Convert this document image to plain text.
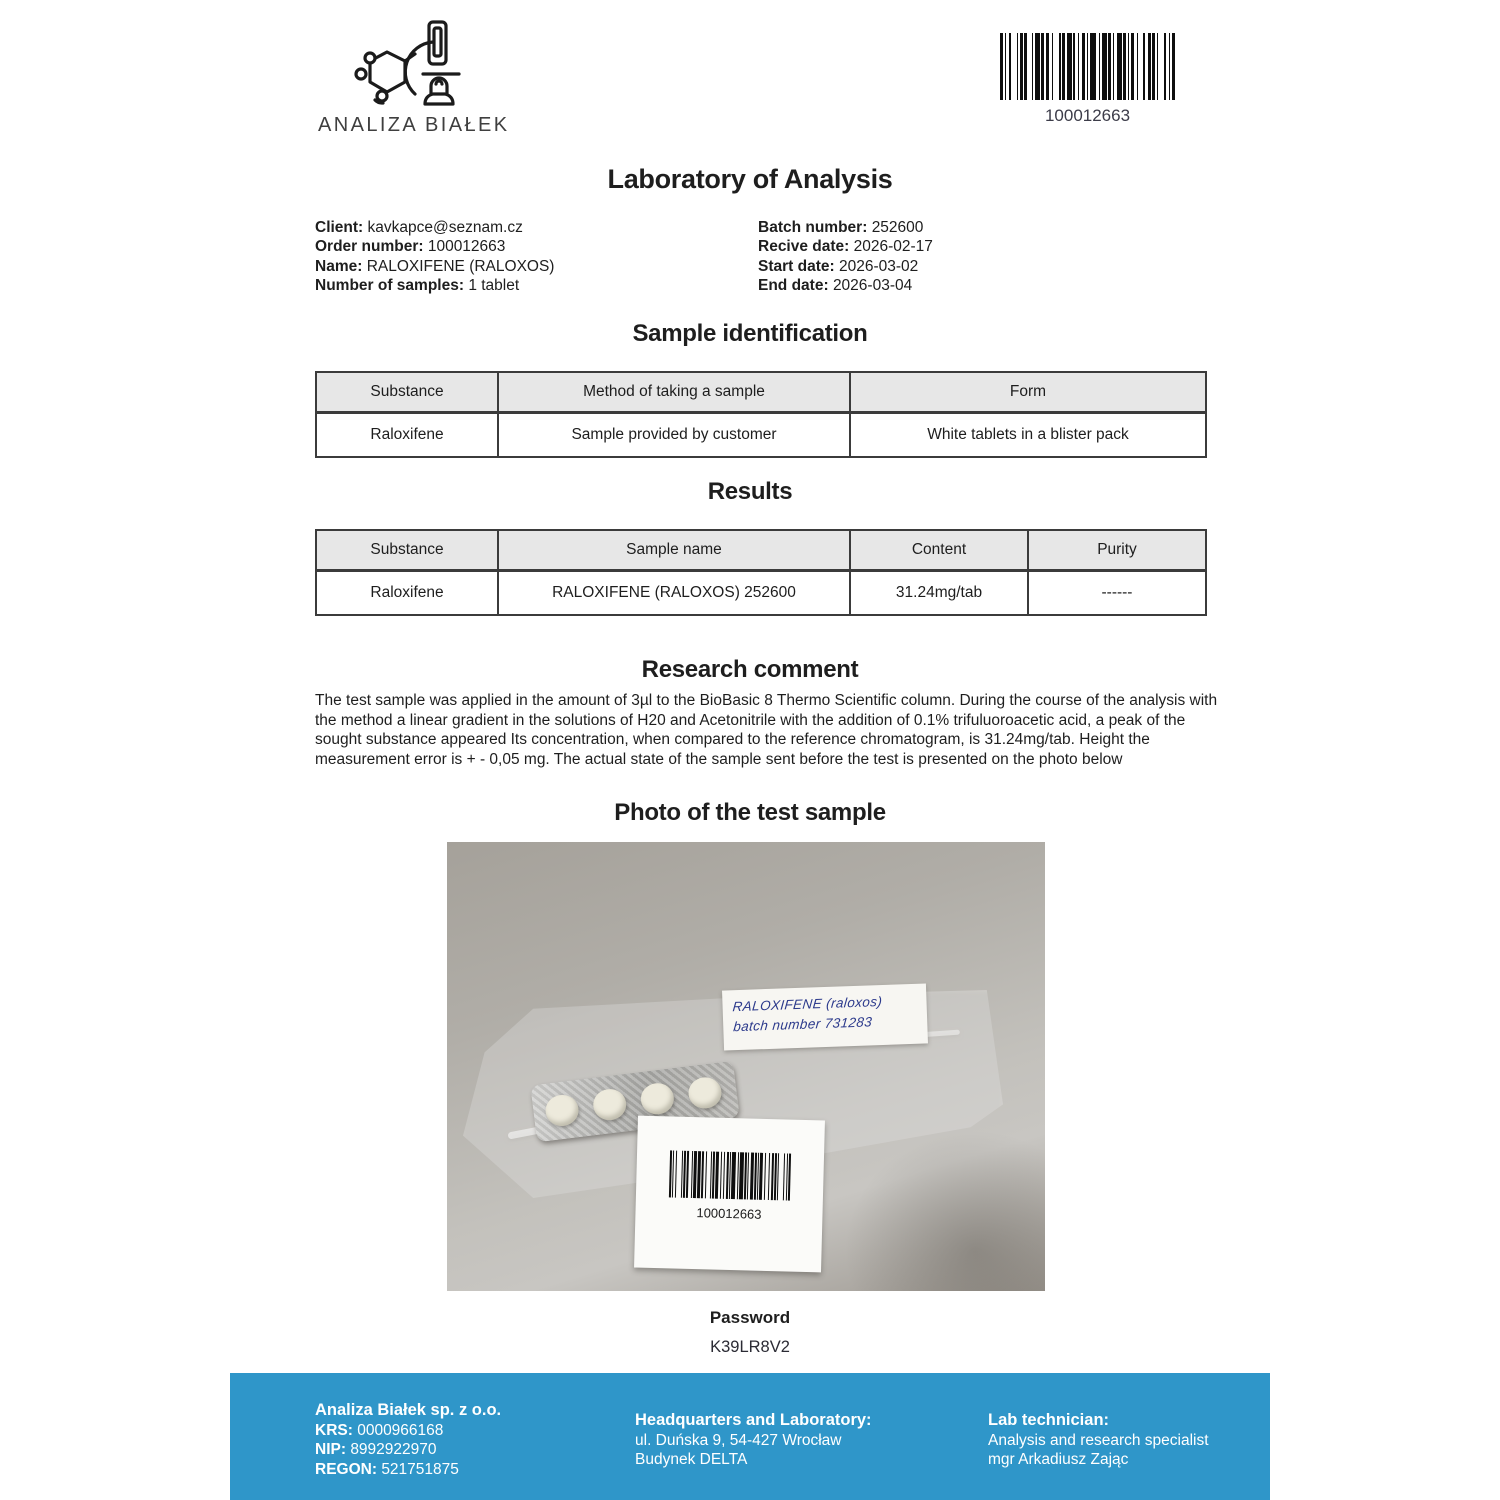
ANALIZA BIAŁEK	100012663
Laboratory of Analysis
Client: kavkapce@seznam.cz
Order number: 100012663
Name: RALOXIFENE (RALOXOS)
Number of samples: 1 tablet
Batch number: 252600
Recive date: 2026-02-17
Start date: 2026-03-02
End date: 2026-03-04
Sample identification
Substance	Method of taking a sample	Form
Raloxifene	Sample provided by customer	White tablets in a blister pack
Results
Substance	Sample name	Content	Purity
Raloxifene	RALOXIFENE (RALOXOS) 252600	31.24mg/tab	------
Research comment

The test sample was applied in the amount of 3µl to the BioBasic 8 Thermo Scientific column. During the course of the analysis with the method a linear gradient in the solutions of H20 and Acetonitrile with the addition of 0.1% trifuluoroacetic acid, a peak of the sought substance appeared Its concentration, when compared to the reference chromatogram, is 31.24mg/tab. Height the measurement error is + - 0,05 mg. The actual state of the sample sent before the test is presented on the photo below

Photo of the test sample
RALOXIFENE (raloxos)
batch number 731283
100012663
Password
K39LR8V2
Analiza Białek sp. z o.o.
KRS: 0000966168
NIP: 8992922970
REGON: 521751875
Headquarters and Laboratory:
ul. Duńska 9, 54-427 Wrocław
Budynek DELTA
Lab technician:
Analysis and research specialist
mgr Arkadiusz Zając
